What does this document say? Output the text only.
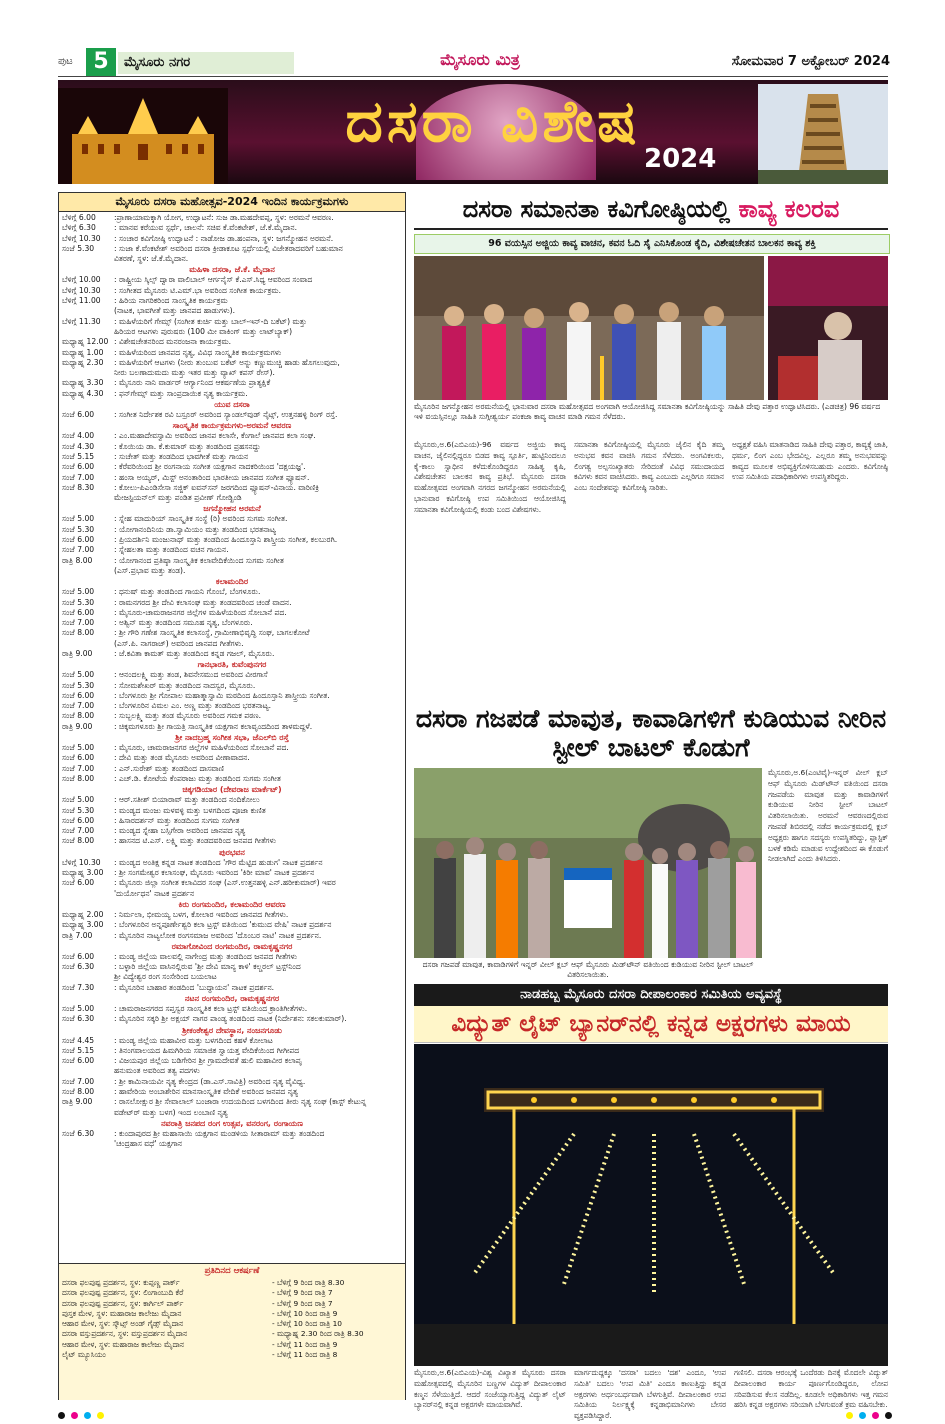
ಪುಟ 5	ಮೈಸೂರು ನಗರ	ಮೈಸೂರು ಮಿತ್ರ	ಸೋಮವಾರ 7 ಅಕ್ಟೋಬರ್ 2024
ದಸರಾ ವಿಶೇಷ
2024
ಮೈಸೂರು ದಸರಾ ಮಹೋತ್ಸವ-2024 ಇಂದಿನ ಕಾರ್ಯಕ್ರಮಗಳು
ಬೆಳಿಗ್ಗೆ 6.00	:ಪ್ರಾಣಾಯಾಮಕ್ಕಾಗಿ ಯೋಗ, ಉದ್ಘಾಟನೆ: ಸುಜ ಡಾ.ಮಹದೇವಪ್ಪ, ಸ್ಥಳ: ಅರಮನೆ ಆವರಣ.
ಬೆಳಿಗ್ಗೆ 6.30	: ಮಾನವ ಕರೆಯುವ ಸ್ಪರ್ಧೆ, ಚಾಲನೆ: ಸಚಿವ ಕೆ.ವೆಂಕಟೇಶ್, ಜೆ.ಕೆ.ಮೈದಾನ.
ಬೆಳಿಗ್ಗೆ 10.30	: ಸಂಚಾರ ಕವಿಗೋಷ್ಠಿ ಉದ್ಘಾಟನೆ : ನಾಡೋಜ ಡಾ.ಹಂಪನಾ, ಸ್ಥಳ: ಜಗನ್ಮೋಹನ ಅರಮನೆ.
ಸಂಜೆ 5.30	: ಸುಜಾ ಕೆ.ವೆಂಕಟೇಶ್ ಅವರಿಂದ ದಸರಾ ಕ್ರೀಡಾಕೂಟ ಸ್ಪರ್ಧೆಯಲ್ಲಿ ವಿಜೇತರಾದವರಿಗೆ ಬಹುಮಾನ
ವಿತರಣೆ, ಸ್ಥಳ: ಜೆ.ಕೆ.ಮೈದಾನ.
ಮಹಿಳಾ ದಸರಾ, ಜೆ.ಕೆ. ಮೈದಾನ
ಬೆಳಿಗ್ಗೆ 10.00	: ರಾಷ್ಟ್ರೀಯ ಸ್ಕಿಲ್ಸ್ ದ್ವಾರಾ ವಾಲಿಬಾಲ್ ಆರ್ಗನೈಸ್ ಕೆ.ಎಸ್.ಸಿಧ್ಯ ಆವರಿಂದ ಸಂವಾದ
ಬೆಳಿಗ್ಗೆ 10.30	: ಸಂಗೀತದ ಮೈಸೂರು ಟಿ.ಎಮ್.ಭಾ ಅವರಿಂದ ಸಂಗೀತ ಕಾರ್ಯಕ್ರಮ.
ಬೆಳಿಗ್ಗೆ 11.00	: ಹಿರಿಯ ನಾಗರಿಕರಿಂದ ಸಾಂಸ್ಕೃತಿಕ ಕಾರ್ಯಕ್ರಮ
(ನಾಟಕ, ಭಾವಗೀತೆ ಮತ್ತು ಜಾನಪದ ಹಾಡುಗಳು).
ಬೆಳಿಗ್ಗೆ 11.30	: ಮಹಿಳೆಯರಿಗೆ ಗೇಮ್ಸ್ (ಸಂಗೀತ ಕುರ್ಚಿ ಮತ್ತು ಬಾಲ್-ಇನ್-ದಿ ಬಕೆಟ್) ಮತ್ತು
ಹಿರಿಯರ ಆಟಗಳು ಪುರುಷರು (100 ಮೀ ವಾಕಿಂಗ್ ಮತ್ತು ಲಾಟ್‌ಬ್ಯಾಕ್)
ಮಧ್ಯಾಹ್ನ 12.00 : ವಿಶೇಷಚೇತನರಿಂದ ಮನರಂಜನಾ ಕಾರ್ಯಕ್ರಮ.
ಮಧ್ಯಾಹ್ನ 1.00	: ಮಹಿಳೆಯರಿಂದ ಜಾನಪದ ನೃತ್ಯ, ವಿವಿಧ ಸಾಂಸ್ಕೃತಿಕ ಕಾರ್ಯಕ್ರಮಗಳು
ಮಧ್ಯಾಹ್ನ 2.30	: ಮಹಿಳೆಯರಿಗೆ ಆಟಗಳು (ನೀರು ತುಂಬುವ ಬಕೆಟ್ ಅನ್ನು ಕಣ್ಣುಮುಚ್ಚಿ ಹಾಡು ಹೊಗಲುವುದು,
ನೀರು ಬಲಣಾದುಮದು ಮತ್ತು ಇತರ ಮತ್ತು ವ್ಯಾಖ್ ಕಪಸ್ ರೇಸ್).
ಮಧ್ಯಾಹ್ನ 3.30	: ಮೈಸೂರು ನಾನಿ ವಾರ್ಡರ್ ಆರ್ಗ್ಯಾನಿಂದ ಆಕರ್ಷಣೆಯ ಪ್ರಾತ್ಯಕ್ಷಿಕೆ
ಮಧ್ಯಾಹ್ನ 4.30	: ಫನ್‌ಗೇಮ್ಸ್ ಮತ್ತು ಸಾಂಪ್ರದಾಯಿಕ ನೃತ್ಯ ಕಾರ್ಯಕ್ರಮ.
ಯುವ ದಸರಾ
ಸಂಜೆ 6.00	: ಸಂಗೀತ ನಿರ್ದೇಶಕ ರವಿ ಬಸ್ರೂರ್ ಅವರಿಂದ ಸ್ಯಾಂಡಲ್‌ವುಡ್ ನೈಟ್ಸ್, ಉತ್ತನಹಳ್ಳಿ ರಿಂಗ್ ರಸ್ತೆ.
ಸಾಂಸ್ಕೃತಿಕ ಕಾರ್ಯಕ್ರಮಗಳು-ಅರಮನೆ ಆವರಣ
ಸಂಜೆ 4.00	: ಎಂ.ಮಹಾದೇವಸ್ವಾಮಿ ಅವರಿಂದ ಜಾನಪ ಕಲಾಸೇ, ಕೆಂಗಾಲೆ ಜಾನಪದ ಕಲಾ ಸಂಘ.
ಸಂಜೆ 4.30	: ಕೊಯಿಯ ಡಾ. ಕೆ.ಕುಮಾರ್ ಮತ್ತು ತಂಡದಿಂದ ಪ್ರಹಸನದ್ದು
ಸಂಜೆ 5.15	: ಸುಚೇತ್ ಮತ್ತು ತಂಡದಿಂದ ಭಾವಗೀತೆ ಮತ್ತು ಗಾಯನ
ಸಂಜೆ 6.00	: ಕೆರೆವರಿಯಿಂದ ಶ್ರೀ ರಂಗನಾಯ ಸಂಗೀತ ಯಕ್ಷಗಾನ ನಾದಕರಿಯಿಂದ 'ದಕ್ಷಯಜ್ಞ'.
ಸಂಜೆ 7.00	: ಹಂಸಾ ಅಯ್ಯರ್, ಮಿಸ್ಟ್ ಅನಂತಾರಿಂದ ಭಾರತೀಯ ಜಾನಪದ ಸಂಗೀತ ಫ್ಯೂಷನ್.
ಸಂಜೆ 8.30	: ಕೋಲು-ಪಿಎಂಡಿಸೇಸಾ ಸಜ್ಜಿಕ್ ಐವನ್‌ಸನ್ ಜರಗದಿಂದ ಫ್ಯೂಷನ್-ವಿನಾಯ. ವಾರಿಣಿಕ್ರಿ
ಮೇಜಸ್ಟಿಯನ್‌ಲ್ ಮತ್ತು ಪಂಡಿತ ಪ್ರವೀಣ್ ಗೋಡ್ಖಿಂಡಿ
ಜಗನ್ಮೋಹನ ಅರಮನೆ
ಸಂಜೆ 5.00	: ಸ್ನೇಹ ಮಾದುರಿಯ್ ಸಾಂಸ್ಕೃತಿಕ ಸಂಸ್ಥೆ (ರಿ) ಅವರಿಂದ ಸುಗಮ ಸಂಗೀತ.
ಸಂಜೆ 5.30	: ಯೋಗಾನಂದಿನಿಯ ಡಾ.ಸ್ವಾಮಿಯಂ ಮತ್ತು ತಂಡದಿಂದ ಭರತನಾಟ್ಯ
ಸಂಜೆ 6.00	: ಪ್ರಿಯದರ್ಶಿನಿ ಮಂಜುನಾಥ್ ಮತ್ತು ತಂಡದಿಂದ ಹಿಂದೂಸ್ತಾನಿ ಶಾಸ್ತ್ರೀಯ ಸಂಗೀತ, ಕಲಬುರಗಿ.
ಸಂಜೆ 7.00	: ಸ್ನೇಹಲತಾ ಮತ್ತು ತಂಡದಿಂದ ವಚನ ಗಾಯನ.
ರಾತ್ರಿ 8.00	: ಯೋಗಾನಂದ ಪ್ರತಿಷ್ಠಾ ಸಾಂಸ್ಕೃತಿಕ ಕಲಾವೇದಿಕೆಯಿಂದ ಸುಗಮ ಸಂಗೀತ
(ಎಸ್.ಪ್ರಭಾವ ಮತ್ತು ತಂಡ).
ಕಲಾಮಂದಿರ
ಸಂಜೆ 5.00	: ಧನುಷ್ ಮತ್ತು ತಂಡದಿಂದ ಗಾಯನಿ ಗೊಂಬೆ, ಬೆಂಗಳೂರು.
ಸಂಜೆ 5.30	: ರಾಮನಗರದ ಶ್ರೀ ದೇವಿ ಕಲಾಸಂಘ ಮತ್ತು ತಂಡದವರಿಂದ ಚಂಡೆ ವಾದನ.
ಸಂಜೆ 6.00	: ಮೈಸೂರು-ಚಾಮರಾಜನಗರ ಜಿಲ್ಲೆಗಳ ಮಹಿಳೆಯರಿಂದ ಸೋಬಾನೆ ಪದ.
ಸಂಜೆ 7.00	: ಅಶ್ವಿನ್ ಮತ್ತು ತಂಡದಿಂದ ಸಮೂಹ ನೃತ್ಯ, ಬೆಂಗಳೂರು.
ಸಂಜೆ 8.00	: ಶ್ರೀ ಗೌರಿ ಗಣೇಶ ಸಾಂಸ್ಕೃತಿಕ ಕಲಾಸಂಸ್ಥೆ, ಗ್ರಾಮೀಣಾಭಿವೃದ್ಧಿ ಸಂಘ, ಬಾಗಲಕೋಟೆ
(ಎಸ್.ಪಿ. ನಾಗರಾಜ್) ಅವರಿಂದ ಜಾನಪದ ಗೀತೆಗಳು.
ರಾತ್ರಿ 9.00	: ಜೆ.ಕವಿತಾ ಕಾಮತ್ ಮತ್ತು ತಂಡದಿಂದ ಕನ್ನಡ ಗಜಲ್, ಮೈಸೂರು.
ಗಾನಭಾರತಿ, ಕುವೆಂಪುನಗರ
ಸಂಜೆ 5.00	: ಆನಂದಲಕ್ಷ್ಮಿ ಮತ್ತು ತಂಡ, ಶಿವನೇಸಮುದ ಅವರಿಂದ ವೀರಗಾಸೆ
ಸಂಜೆ 5.30	: ಸೋಮಶೇಖರ್ ಮತ್ತು ತಂಡದಿಂದ ನಾದಸ್ವರ, ಮೈಸೂರು.
ಸಂಜೆ 6.00	: ಬೆಂಗಳೂರು ಶ್ರೀ ಗೋಪಾಲ ಮಹಾತ್ಮಾಸ್ವಾಮಿ ಮಠದಿಂದ ಹಿಂದೂಸ್ತಾನಿ ಶಾಸ್ತ್ರೀಯ ಸಂಗೀತ.
ಸಂಜೆ 7.00	: ಬೆಂಗಳೂರಿನ ವಿಮಲ ಎಂ. ಅಣ್ಣ ಮತ್ತು ತಂಡದಿಂದ ಭರತನಾಟ್ಯ.
ಸಂಜೆ 8.00	: ಸುಬ್ಬಲಕ್ಷ್ಮಿ ಮತ್ತು ತಂಡ ಮೈಸೂರು ಅವರಿಂದ ಗಮಕ ಪಠಣ.
ರಾತ್ರಿ 9.00	: ಚಿಕ್ಕಮಗಳೂರು ಶ್ರೀ ಗಾಯತ್ರಿ ಸಾಂಸ್ಕೃತಿಕ ಯಕ್ಷಗಾನ ಕಲಾವೃಂದದಿಂದ ತಾಳಮದ್ದಳೆ.
ಶ್ರೀ ನಾದಬ್ರಹ್ಮ ಸಂಗೀತ ಸಭಾ, ಜೆಎಲ್‌ಬಿ ರಸ್ತೆ
ಸಂಜೆ 5.00	: ಮೈಸೂರು, ಚಾಮರಾಜನಗರ ಜಿಲ್ಲೆಗಳ ಮಹಿಳೆಯರಿಂದ ಸೋಬಾನೆ ಪದ.
ಸಂಜೆ 6.00	: ದೇವಿ ಮತ್ತು ತಂಡ ಮೈಸೂರು ಅವರಿಂದ ವೀಣಾವಾದನ.
ಸಂಜೆ 7.00	: ಎನ್.ಸುರೇಶ್ ಮತ್ತು ತಂಡದಿಂದ ದಾಸವಾಣಿ
ಸಂಜೆ 8.00	: ಎಚ್.ಡಿ. ಕೋಟೆಯ ಕೆಂಪರಾಜು ಮತ್ತು ತಂಡದಿಂದ ಸುಗಮ ಸಂಗೀತ
ಚಿಕ್ಕಗಡಿಯಾರ (ದೇವರಾಜ ಮಾರ್ಕೆಟ್)
ಸಂಜೆ 5.00	: ಆರ್.ಸತೀಶ್ ಬಿಯಾರಾವ್ ಮತ್ತು ತಂಡದಿಂದ ನಂದಿಕೋಲು
ಸಂಜೆ 5.30	: ಮಂಡ್ಯದ ಮಂಜು ಮಳವಳ್ಳಿ ಮತ್ತು ಬಳಗದಿಂದ ಪೂಜಾ ಕುಣಿತ
ಸಂಜೆ 6.00	: ಹಿಸಾರದರ್ಶನ್ ಮತ್ತು ತಂಡದಿಂದ ಸುಗಮ ಸಂಗೀತ
ಸಂಜೆ 7.00	: ಮಂಡ್ಯದ ಸ್ನೇಹಾ ಬಸ್ಸಿಗೇರಾ ಅವರಿಂದ ಜಾನಪದ ನೃತ್ಯ
ಸಂಜೆ 8.00	: ಹಾಸನದ ಟಿ.ಎಸ್. ಲಕ್ಷ್ಮಿ ಮತ್ತು ತಂಡದವರಿಂದ ಜನಪದ ಗೀತೆಗಳು
ಪುರಭವನ
ಬೆಳಿಗ್ಗೆ 10.30	: ಮಂಡ್ಯದ ಅಂತಿಕ್ಷ ಕನ್ನಡ ನಾಟಕ ತಂಡದಿಂದ 'ಗೌರ ಮೆಟ್ಟಿದ ಹುಡುಗ' ನಾಟಕ ಪ್ರದರ್ಶನ
ಮಧ್ಯಾಹ್ನ 3.00	: ಶ್ರೀ ಸಂಗಮೇಶ್ವರ ಕಲಾಸಂಘ, ಮೈಸೂರು ಇವರಿಂದ 'ಕಿರೀ ಮಾವ' ನಾಟಕ ಪ್ರದರ್ಶನ
ಸಂಜೆ 6.00	: ಮೈಸೂರು ಜಿಲ್ಲಾ ಸಂಗೀತ ಕಲಾವಿದರ ಸಂಘ (ಎಸ್.ಉತ್ತನಹಳ್ಳಿ ಎನ್.ಹರೀಕುಮಾರ್) ಇವರ
'ದುರ್ಯೋಧನ' ನಾಟಕ ಪ್ರದರ್ಶನ
ಕಿರು ರಂಗಮಂದಿರ, ಕಲಾಮಂದಿರ ಆವರಣ
ಮಧ್ಯಾಹ್ನ 2.00	: ನಿರ್ಮಲಾ, ಭೀಮಯ್ಯ ಬಳಗ, ಕೋಲಾರ ಇವರಿಂದ ಜಾನಪದ ಗೀತೆಗಳು.
ಮಧ್ಯಾಹ್ನ 3.00	: ಬೆಂಗಳೂರಿನ ಅನ್ನಪೂರ್ಣೇಶ್ವರಿ ಕಲಾ ಟ್ರಸ್ಟ್ ವತಿಯಿಂದ 'ಕುಮುದ ವೇಷಿ' ನಾಟಕ ಪ್ರದರ್ಶನ
ರಾತ್ರಿ 7.00	: ಮೈಸೂರಿನ ನಾಟ್ಯಲೋಕ ರಂಗಸಮಾಜ ಅವರಿಂದ 'ದೊಂಬರ ನಾಟಿ' ನಾಟಕ ಪ್ರದರ್ಶನ.
ರಮಾಗೋವಿಂದ ರಂಗಮಂದಿರ, ರಾಮಕೃಷ್ಣನಗರ
ಸಂಜೆ 6.00	: ಮಂಡ್ಯ ಜಿಲ್ಲೆಯ ವಾಲವಲ್ಲಿ ನಾಗೇಂದ್ರ ಮತ್ತು ತಂಡದಿಂದ ಜನಪದ ಗೀತೆಗಳು
ಸಂಜೆ 6.30	: ಬಳ್ಳಾರಿ ಜಿಲ್ಲೆಯ ವಾಸಿನಲ್ಲಿರುವ 'ಶ್ರೀ ದೇವಿ ಮಾನ್ಯ ಕಾಳಿ' ಕಲ್ಚರಲ್ ಟ್ರಸ್ಟ್‌ನಿಂದ
ಶ್ರೀ ವಿದ್ಯೇಶ್ವರ ರಂಗ ಸಂಸೇರಿಂದ ಬಯಲಾಟ
ಸಂಜೆ 7.30	: ಮೈಸೂರಿನ ಬಾಹಾರ ತಂಡದಿಂದ 'ಬುದ್ಧಾಯನ' ನಾಟಕ ಪ್ರದರ್ಶನ.
ನಟನ ರಂಗಮಂದಿರ, ರಾಮಕೃಷ್ಣನಗರ
ಸಂಜೆ 5.00	: ಚಾಮರಾಜನಗರದ ಸಪ್ತಸ್ವರ ಸಾಂಸ್ಕೃತಿಕ ಕಲಾ ಟ್ರಸ್ಟ್ ವತಿಯಿಂದ ಕ್ರಾಂತಿಗೀತೆಗಳು.
ಸಂಜೆ 6.30	: ಮೈಸೂರಿನ ಸಕ್ಕರಿ ಶ್ರೀ ಅಕ್ಷಯ್ ನಾಗರ ಪಾಂಡ್ಯ ತಂಡದಿಂದ ನಾಟಕ (ನಿರ್ದೇಶನ: ಸಕಲಕುಮಾರ್).
ಶ್ರೀಕಂಠೇಶ್ವರ ದೇವಸ್ಥಾನ, ನಂಜನಗೂಡು
ಸಂಜೆ 4.45	: ಮಂಡ್ಯ ಜಿಲ್ಲೆಯ ಮಹಾವೀರ ಮತ್ತು ಬಳಗದಿಂದ ಕಹಳೆ ಕೋಲಾಟ
ಸಂಜೆ 5.15	: ತಿನಂಗವಾಲಯದ ಹಿಮಗಿರಿಯ ಸಮಾಜಿಕ ಸ್ವಾಯತ್ತ ವೇದಿಕೆಯಿಂದ ಗೀಗೀಪದ
ಸಂಜೆ 6.00	: ವಿಜಯಪುರ ಜಿಲ್ಲೆಯ ಬಡಿಗೇರಿನ ಶ್ರೀ ಗ್ರಾಮದೇವತೆ ಹುಲಿ ಮಹಾವೀರ ಕಲಾಪೃ
ಹನುಮಂತ ಅವರಿಂದ ತತ್ವ ಪದಗಳು
ಸಂಜೆ 7.00	: ಶ್ರೀ ಕಾಮಿನಾಯವೀ ನೃತ್ಯ ಕೇಂದ್ರದ (ಡಾ.ಎಸ್.ಸಾವಿತ್ರಿ) ಅವರಿಂದ ನೃತ್ಯ ವೈವಿಧ್ಯ.
ಸಂಜೆ 8.00	: ಹಾವೇರಿಯ ಅಂಬಾಶೇರಿನ ಮಾನಸಾಂಸ್ಕೃತಿಕ ವೇದಿಕೆ ಅವರಿಂದ ಜನಪದ ನೃತ್ಯ
ರಾತ್ರಿ 9.00	: ರಾಸಲೋಕ್ಷುರ ಶ್ರೀ ಸೇವಾಲಾಲ್ ಬಂಜಾರಾ ಉದಯದಿಂದ ಬಳಗದಿಂದ ತೀರು ನೃತ್ಯ ಸಂಘ (ಕಾಸ್ಟ್ ಕೇಟುನ್ನ
ವಡೇಟ್‌ರ್ ಮತ್ತು ಬಳಗ) ಇಂದ ಲಂಬಾಣಿ ನೃತ್ಯ
ನವರಾತ್ರಿ ಜನಪದ ರಂಗ ಉತ್ಸವ, ವನರಂಗ, ರಂಗಾಯಣ
ಸಂಜೆ 6.30	: ಕುಂದಾಪುರದ ಶ್ರೀ ಮಹಾಸಾಯಿ ಯಕ್ಷಗಾನ ಮಂಡಳಿಯ ಸೀತಾರಾಮ್ ಮತ್ತು ತಂಡದಿಂದ
'ಚಂದ್ರಹಾಸ ವಧೆ' ಯಕ್ಷಗಾನ
ಪ್ರತಿದಿನದ ಆಕರ್ಷಣೆ
ದಸರಾ ಫಲಪುಷ್ಪ ಪ್ರದರ್ಶನ, ಸ್ಥಳ: ಕುಪ್ಪಣ್ಣ ಪಾರ್ಕ್	- ಬೆಳಿಗ್ಗೆ 9 ರಿಂದ ರಾತ್ರಿ 8.30
ದಸರಾ ಫಲಪುಷ್ಪ ಪ್ರದರ್ಶನ, ಸ್ಥಳ: ಲಿಂಗಾಂಬುದಿ ಕೆರೆ	- ಬೆಳಿಗ್ಗೆ 9 ರಿಂದ ರಾತ್ರಿ 7
ದಸರಾ ಫಲಪುಷ್ಪ ಪ್ರದರ್ಶನ, ಸ್ಥಳ: ಕಾರ್ಗಿಲ್ ಪಾರ್ಕ್	- ಬೆಳಿಗ್ಗೆ 9 ರಿಂದ ರಾತ್ರಿ 7
ಪುಸ್ತಕ ಮೇಳ, ಸ್ಥಳ: ಮಹಾರಾಜ ಕಾಲೇಜು ಮೈದಾನ	- ಬೆಳಿಗ್ಗೆ 10 ರಿಂದ ರಾತ್ರಿ 9
ಆಹಾರ ಮೇಳ, ಸ್ಥಳ: ಸ್ಕೌಟ್ಸ್ ಅಂಡ್ ಗೈಡ್ಸ್ ಮೈದಾನ	- ಬೆಳಿಗ್ಗೆ 10 ರಿಂದ ರಾತ್ರಿ 10
ದಸರಾ ವಸ್ತುಪ್ರದರ್ಶನ, ಸ್ಥಳ: ವಸ್ತುಪ್ರದರ್ಶನ ಮೈದಾನ	- ಮಧ್ಯಾಹ್ನ 2.30 ರಿಂದ ರಾತ್ರಿ 8.30
ಆಹಾರ ಮೇಳ, ಸ್ಥಳ: ಮಹಾರಾಜ ಕಾಲೇಜು ಮೈದಾನ	- ಬೆಳಿಗ್ಗೆ 11 ರಿಂದ ರಾತ್ರಿ 9
ಲೈಟ್ ಮ್ಯೂಸಿಯಂ	- ಬೆಳಿಗ್ಗೆ 11 ರಿಂದ ರಾತ್ರಿ 8
ದಸರಾ ಸಮಾನತಾ ಕವಿಗೋಷ್ಠಿಯಲ್ಲಿ ಕಾವ್ಯ ಕಲರವ
96 ವಯಸ್ಸಿನ ಅಜ್ಜಿಯ ಕಾವ್ಯ ವಾಚನ, ಕವನ ಓದಿ ಸೈ ಎನಿಸಿಕೊಂಡ ಕೈದಿ, ವಿಶೇಷಚೇತನ ಬಾಲಕನ ಕಾವ್ಯ ಶಕ್ತಿ
ಮೈಸೂರಿನ ಜಗನ್ಮೋಹನ ಅರಮನೆಯಲ್ಲಿ ಭಾನುವಾರ ದಸರಾ ಮಹೋತ್ಸವದ ಅಂಗವಾಗಿ ಆಯೋಜಿಸಿದ್ದ ಸಮಾನತಾ ಕವಿಗೋಷ್ಠಿಯನ್ನು ಸಾಹಿತಿ ದೇವು ಪತ್ತಾರ ಉದ್ಘಾಟಿಸಿದರು. (ಎಡಚಿತ್ರ) 96 ವರ್ಷದ ಇಳಿ ವಯಸ್ಸಿನಲ್ಲೂ ಸಾಹಿತಿ ಸುಗ್ಗೀಶ್ವರ್ಯ ಪಂಕಜಾ ಕಾವ್ಯ ವಾಚನ ಮಾಡಿ ಗಮನ ಸೆಳೆದರು.
ಮೈಸೂರು,ಅ.6(ಎಬಿಎಯ)-96 ವರ್ಷದ ಅಜ್ಜಿಯ ಕಾವ್ಯ ವಾಚನ, ಜೈಲಿನಲ್ಲಿದ್ದರೂ ಬಿಡದ ಕಾವ್ಯ ಸ್ಪೂರ್ತಿ, ಹುಟ್ಟಿನಿಂದಲೂ ಕೈ-ಕಾಲು ಸ್ವಾಧೀನ ಕಳೆದುಕೊಂಡಿದ್ದರೂ ಸಾಹಿತ್ಯ ಕೃಷಿ, ವಿಶೇಷಚೇತನ ಬಾಲಕನ ಕಾವ್ಯ ಪ್ರತಿಭೆ. ಮೈಸೂರು ದಸರಾ ಮಹೋತ್ಸವದ ಅಂಗವಾಗಿ ನಗರದ ಜಗನ್ಮೋಹನ ಅರಮನೆಯಲ್ಲಿ ಭಾನುವಾರ ಕವಿಗೋಷ್ಠಿ ಉಪ ಸಮಿತಿಯಿಂದ ಆಯೋಜಿಸಿದ್ದ ಸಮಾನತಾ ಕವಿಗೋಷ್ಠಿಯಲ್ಲಿ ಕಂಡು ಬಂದ ವಿಶೇಷಗಳು.
ಸಮಾನತಾ ಕವಿಗೋಷ್ಠಿಯಲ್ಲಿ ಮೈಸೂರು ಜೈಲಿನ ಕೈದಿ ತಮ್ಮ ಅನುಭವ ಕವನ ವಾಚಿಸಿ ಗಮನ ಸೆಳೆದರು. ಅಂಗವಿಕಲರು, ಲಿಂಗತ್ವ ಅಲ್ಪಸಂಖ್ಯಾತರು ಸೇರಿದಂತೆ ವಿವಿಧ ಸಮುದಾಯದ ಕವಿಗಳು ಕವನ ವಾಚಿಸಿದರು. ಕಾವ್ಯ ಎಂಬುದು ಎಲ್ಲರಿಗೂ ಸಮಾನ ಎಂಬ ಸಂದೇಶವನ್ನು ಕವಿಗೋಷ್ಠಿ ಸಾರಿತು.
ಅಧ್ಯಕ್ಷತೆ ವಹಿಸಿ ಮಾತನಾಡಿದ ಸಾಹಿತಿ ದೇವು ಪತ್ತಾರ, ಕಾವ್ಯಕ್ಕೆ ಜಾತಿ, ಧರ್ಮ, ಲಿಂಗ ಎಂಬ ಭೇದವಿಲ್ಲ. ಎಲ್ಲರೂ ತಮ್ಮ ಅನುಭವವನ್ನು ಕಾವ್ಯದ ಮೂಲಕ ಅಭಿವ್ಯಕ್ತಿಗೊಳಿಸಬಹುದು ಎಂದರು. ಕವಿಗೋಷ್ಠಿ ಉಪ ಸಮಿತಿಯ ಪದಾಧಿಕಾರಿಗಳು ಉಪಸ್ಥಿತರಿದ್ದರು.
ದಸರಾ ಗಜಪಡೆ ಮಾವುತ, ಕಾವಾಡಿಗಳಿಗೆ ಕುಡಿಯುವ ನೀರಿನ ಸ್ಟೀಲ್ ಬಾಟಲ್ ಕೊಡುಗೆ
ದಸರಾ ಗಜಪಡೆ ಮಾವುತ, ಕಾವಾಡಿಗಳಿಗೆ ಇನ್ನರ್ ವೀಲ್ ಕ್ಲಬ್ ಆಫ್ ಮೈಸೂರು ಮಿಡ್‌ಟೌನ್ ವತಿಯಿಂದ ಕುಡಿಯುವ ನೀರಿನ ಸ್ಟೀಲ್ ಬಾಟಲ್ ವಿತರಿಸಲಾಯಿತು.
ಮೈಸೂರು,ಅ.6(ಎಂಟಿವೈ)-ಇನ್ನರ್ ವೀಲ್ ಕ್ಲಬ್ ಆಫ್ ಮೈಸೂರು ಮಿಡ್‌ಟೌನ್ ವತಿಯಿಂದ ದಸರಾ ಗಜಪಡೆಯ ಮಾವುತ ಮತ್ತು ಕಾವಾಡಿಗಳಿಗೆ ಕುಡಿಯುವ ನೀರಿನ ಸ್ಟೀಲ್ ಬಾಟಲ್ ವಿತರಿಸಲಾಯಿತು. ಅರಮನೆ ಆವರಣದಲ್ಲಿರುವ ಗಜಪಡೆ ಶಿಬಿರದಲ್ಲಿ ನಡೆದ ಕಾರ್ಯಕ್ರಮದಲ್ಲಿ ಕ್ಲಬ್ ಅಧ್ಯಕ್ಷರು ಹಾಗೂ ಸದಸ್ಯರು ಉಪಸ್ಥಿತರಿದ್ದು, ಪ್ಲಾಸ್ಟಿಕ್ ಬಳಕೆ ಕಡಿಮೆ ಮಾಡುವ ಉದ್ದೇಶದಿಂದ ಈ ಕೊಡುಗೆ ನೀಡಲಾಗಿದೆ ಎಂದು ತಿಳಿಸಿದರು.
ನಾಡಹಬ್ಬ ಮೈಸೂರು ದಸರಾ ದೀಪಾಲಂಕಾರ ಸಮಿತಿಯ ಅವ್ಯವಸ್ಥೆ
ವಿದ್ಯುತ್ ಲೈಟ್ ಬ್ಯಾನರ್‌ನಲ್ಲಿ ಕನ್ನಡ ಅಕ್ಷರಗಳು ಮಾಯ
ಮೈಸೂರು,ಅ.6(ಎಬಿಎಯ)-ವಿಶ್ವ ವಿಖ್ಯಾತ ಮೈಸೂರು ದಸರಾ ಮಹೋತ್ಸವದಲ್ಲಿ ಮೈಸೂರಿನ ಬಣ್ಣಗಳ ವಿದ್ಯುತ್ ದೀಪಾಲಂಕಾರ ಕಣ್ಮನ ಸೆಳೆಯುತ್ತಿದೆ. ಆದರೆ ಸಂಜೆಯ್ಯಾಗುತ್ತಿದ್ದ ವಿದ್ಯುತ್ ಲೈಟ್ ಬ್ಯಾನರ್‌ನಲ್ಲಿ ಕನ್ನಡ ಅಕ್ಷರಗಳೇ ಮಾಯವಾಗಿವೆ.
ಮಾರ್ಗದುದ್ದಕ್ಕೂ 'ದಸರಾ' ಬದಲು 'ದಶ' ಎಂದೂ, 'ಉಪ ಸಮಿತಿ' ಬದಲು 'ಉಪ ಮಿತಿ' ಎಂದೂ ಕಾಣುತ್ತಿದ್ದು ಕನ್ನಡ ಅಕ್ಷರಗಳು ಅರ್ಧಂಬರ್ಧವಾಗಿ ಬೆಳಗುತ್ತಿವೆ. ದೀಪಾಲಂಕಾರ ಉಪ ಸಮಿತಿಯ ನಿರ್ಲಕ್ಷ್ಯಕ್ಕೆ ಕನ್ನಡಾಭಿಮಾನಿಗಳು ಬೇಸರ ವ್ಯಕ್ತಪಡಿಸಿದ್ದಾರೆ.
ಗಣಿಸಲಿ. ದಸರಾ ಆರಂಭಕ್ಕೆ ಒಂದೆರಡು ದಿನಕ್ಕೆ ಮೊದಲೇ ವಿದ್ಯುತ್ ದೀಪಾಲಂಕಾರ ಕಾರ್ಯ ಪೂರ್ಣಗೊಂಡಿದ್ದರೂ, ಲೋಪ ಸರಿಪಡಿಸುವ ಕೆಲಸ ನಡೆದಿಲ್ಲ. ಕೂಡಲೇ ಅಧಿಕಾರಿಗಳು ಇತ್ತ ಗಮನ ಹರಿಸಿ ಕನ್ನಡ ಅಕ್ಷರಗಳು ಸರಿಯಾಗಿ ಬೆಳಗುವಂತೆ ಕ್ರಮ ವಹಿಸಬೇಕು.
